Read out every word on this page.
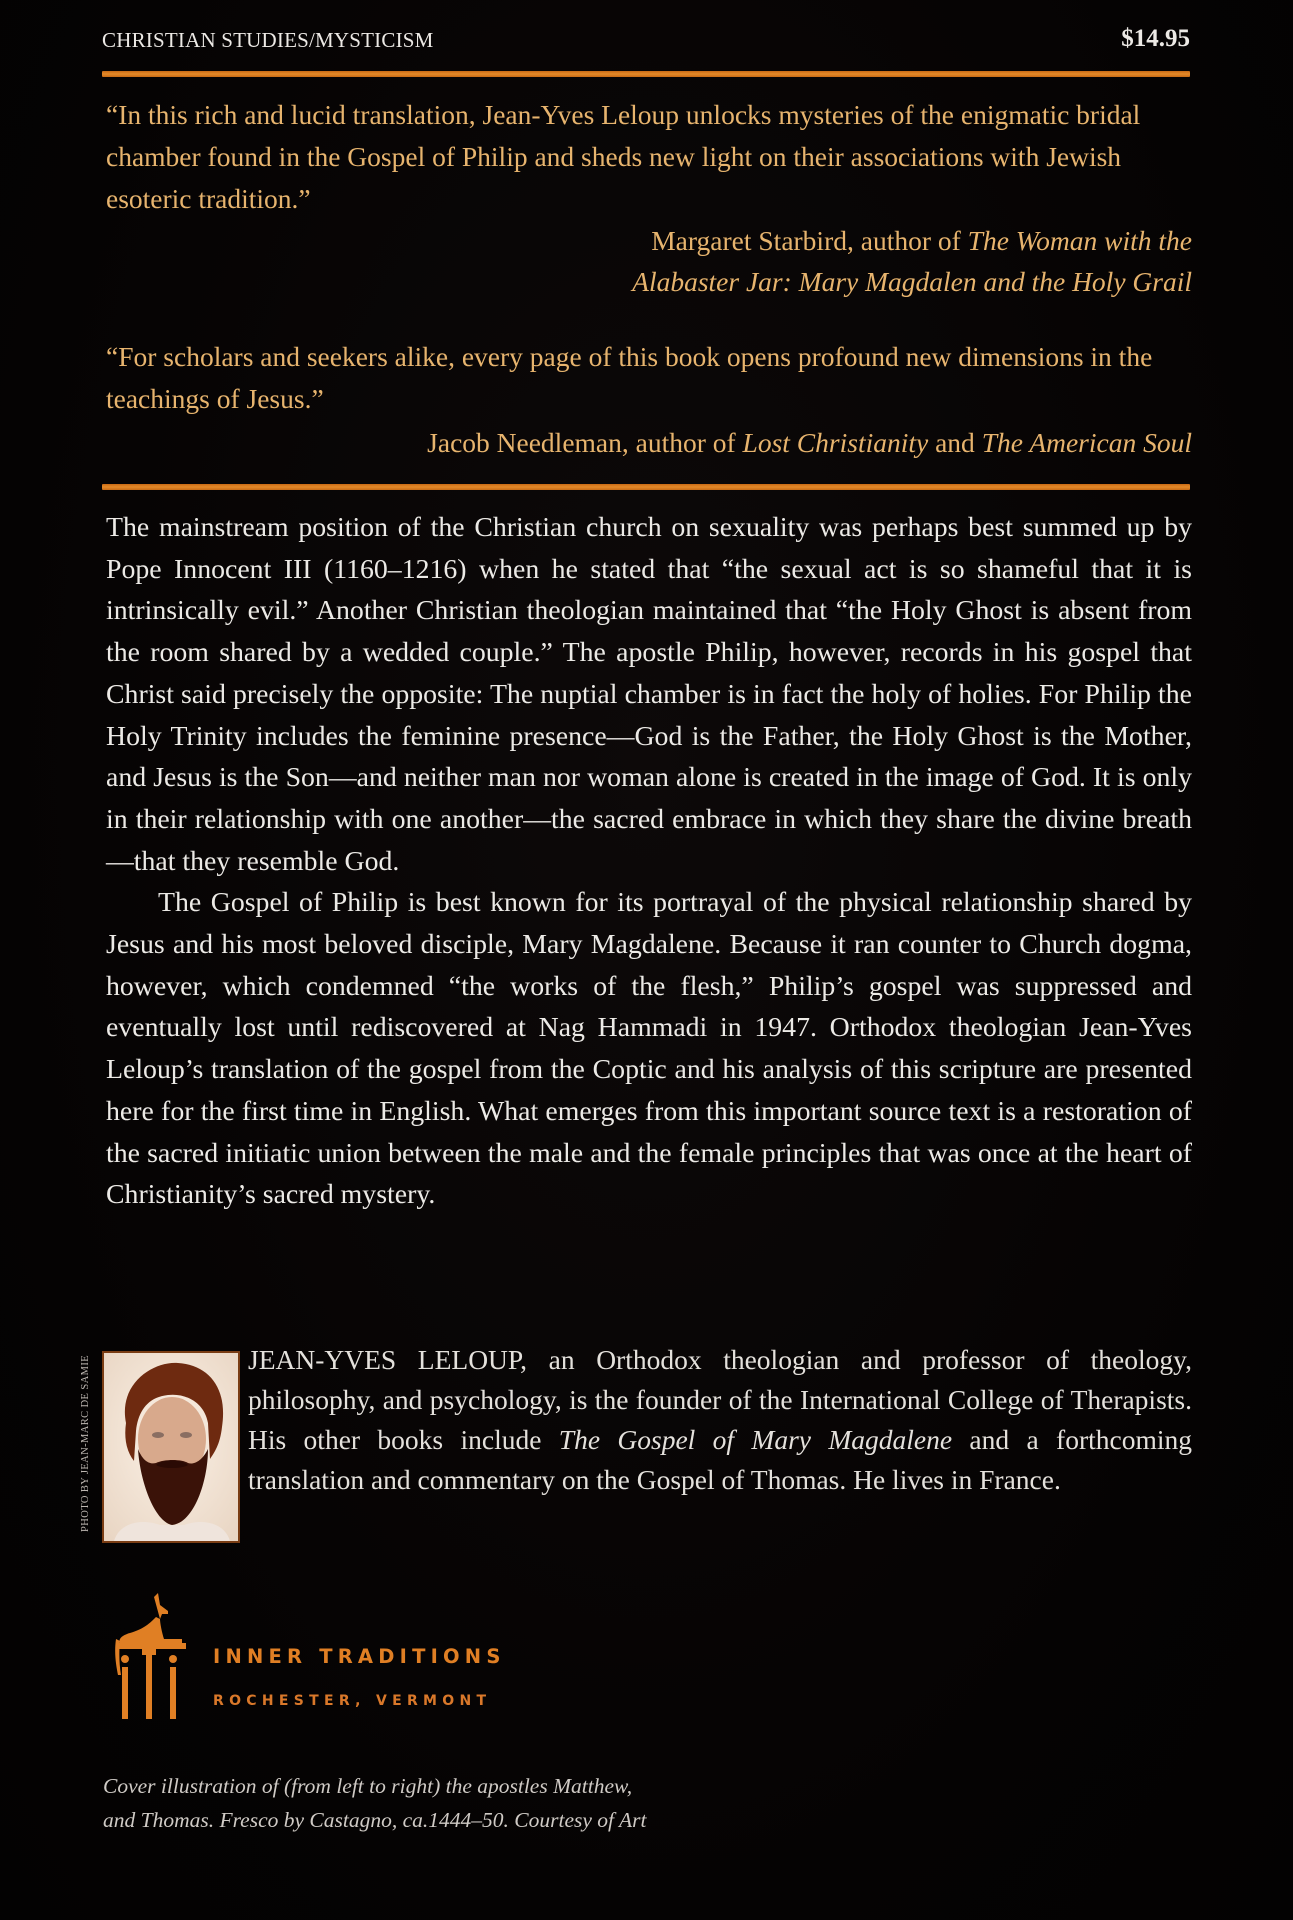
CHRISTIAN STUDIES/MYSTICISM	$14.95

“In this rich and lucid translation, Jean-Yves Leloup unlocks mysteries of the enigmatic bridal chamber found in the Gospel of Philip and sheds new light on their associations with Jewish esoteric tradition.”

Margaret Starbird, author of The Woman with the
Alabaster Jar: Mary Magdalen and the Holy Grail

“For scholars and seekers alike, every page of this book opens profound new dimensions in the teachings of Jesus.”

Jacob Needleman, author of Lost Christianity and The American Soul

The mainstream position of the Christian church on sexuality was perhaps best summed up by Pope Innocent III (1160–1216) when he stated that “the sexual act is so shameful that it is intrinsically evil.” Another Christian theologian maintained that “the Holy Ghost is absent from the room shared by a wedded couple.” The apostle Philip, however, records in his gospel that Christ said precisely the opposite: The nuptial chamber is in fact the holy of holies. For Philip the Holy Trinity includes the feminine presence—God is the Father, the Holy Ghost is the Mother, and Jesus is the Son—and neither man nor woman alone is created in the image of God. It is only in their relationship with one another—the sacred embrace in which they share the divine breath—that they resemble God.

The Gospel of Philip is best known for its portrayal of the physical relationship shared by Jesus and his most beloved disciple, Mary Magdalene. Because it ran counter to Church dogma, however, which condemned “the works of the flesh,” Philip’s gospel was suppressed and eventually lost until rediscovered at Nag Hammadi in 1947. Orthodox theologian Jean-Yves Leloup’s translation of the gospel from the Coptic and his analysis of this scripture are presented here for the first time in English. What emerges from this important source text is a restoration of the sacred initiatic union between the male and the female principles that was once at the heart of Christianity’s sacred mystery.

PHOTO BY JEAN-MARC DE SAMIE	JEAN-YVES LELOUP, an Orthodox theologian and professor of theology, philosophy, and psychology, is the founder of the International College of Therapists. His other books include The Gospel of Mary Magdalene and a forthcoming translation and commentary on the Gospel of Thomas. He lives in France.

INNER TRADITIONS
ROCHESTER, VERMONT

Cover illustration of (from left to right) the apostles Matthew,

and Thomas. Fresco by Castagno, ca.1444–50. Courtesy of Art
